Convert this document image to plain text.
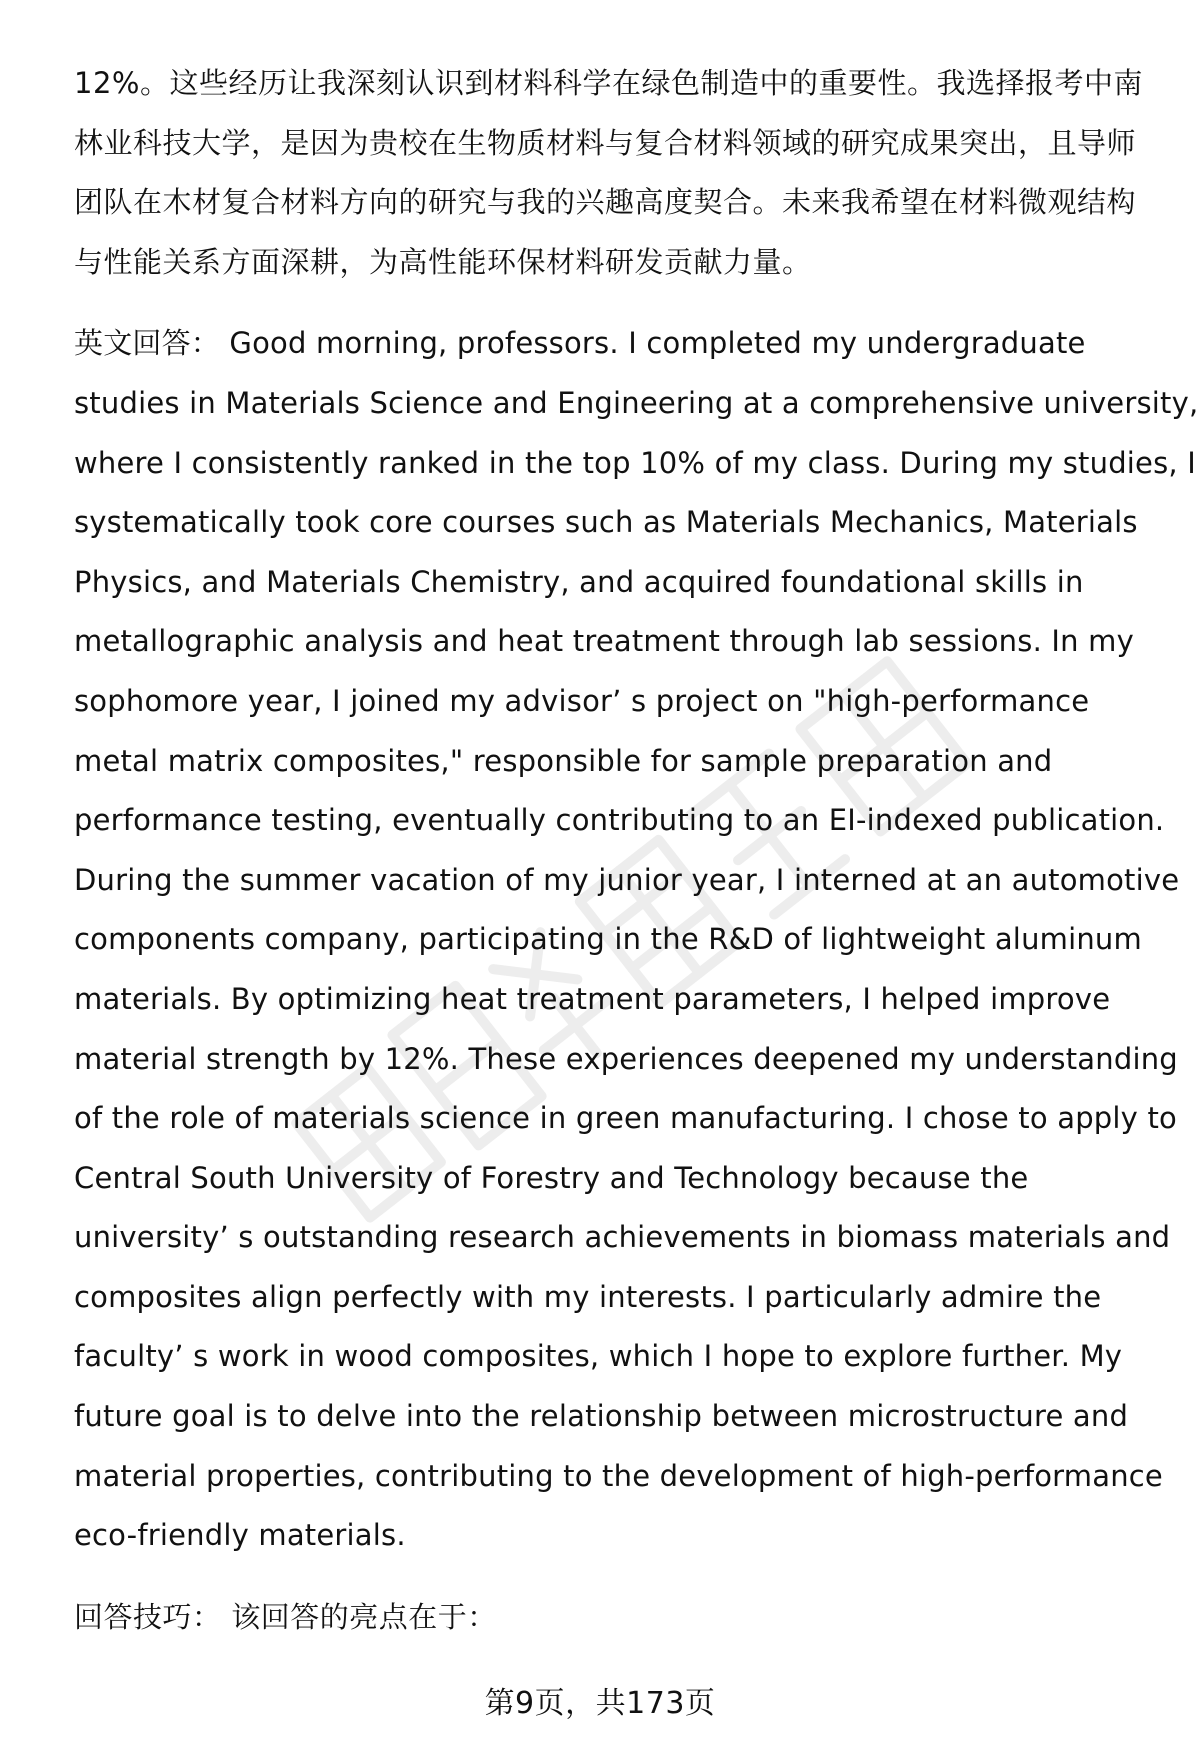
12%。这些经历让我深刻认识到材料科学在绿色制造中的重要性。我选择报考中南
林业科技大学，是因为贵校在生物质材料与复合材料领域的研究成果突出，且导师
团队在木材复合材料方向的研究与我的兴趣高度契合。未来我希望在材料微观结构
与性能关系方面深耕，为高性能环保材料研发贡献力量。
英文回答： Good morning, professors. I completed my undergraduate
studies in Materials Science and Engineering at a comprehensive university,
where I consistently ranked in the top 10% of my class. During my studies, I
systematically took core courses such as Materials Mechanics, Materials
Physics, and Materials Chemistry, and acquired foundational skills in
metallographic analysis and heat treatment through lab sessions. In my
sophomore year, I joined my advisor’ s project on "high-performance
metal matrix composites," responsible for sample preparation and
performance testing, eventually contributing to an EI-indexed publication.
During the summer vacation of my junior year, I interned at an automotive
components company, participating in the R&D of lightweight aluminum
materials. By optimizing heat treatment parameters, I helped improve
material strength by 12%. These experiences deepened my understanding
of the role of materials science in green manufacturing. I chose to apply to
Central South University of Forestry and Technology because the
university’ s outstanding research achievements in biomass materials and
composites align perfectly with my interests. I particularly admire the
faculty’ s work in wood composites, which I hope to explore further. My
future goal is to delve into the relationship between microstructure and
material properties, contributing to the development of high-performance
eco-friendly materials.
回答技巧： 该回答的亮点在于：
第9页，共173页
